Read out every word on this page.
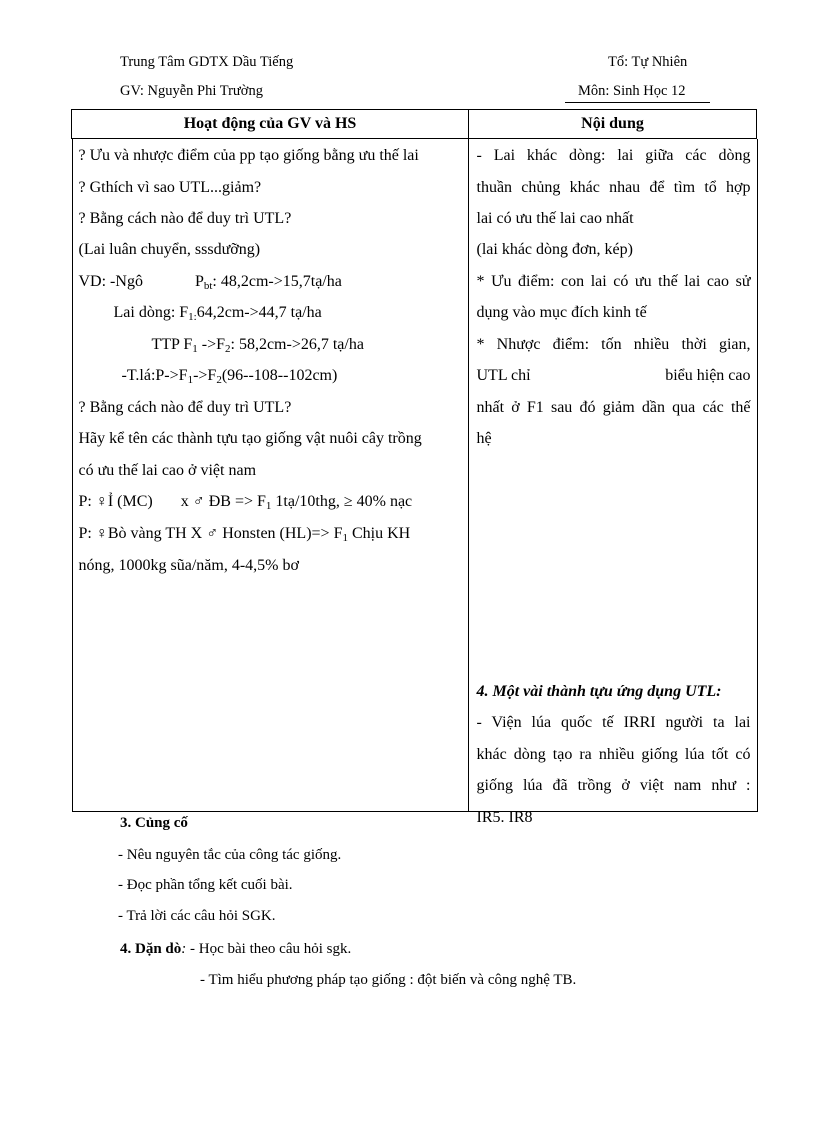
Trung Tâm GDTX Dầu Tiếng	Tổ: Tự Nhiên
GV: Nguyễn Phi Trường	Môn: Sinh Học 12
Hoạt động của GV và HS	Nội dung

? Ưu và nhược điểm của pp tạo giống bằng ưu thế lai
? Gthích vì sao UTL...giảm?
? Bằng cách nào để duy trì UTL?
(Lai luân chuyển, sssdưỡng)
VD: -Ngô	$P_{bt}$: 48,2cm->15,7tạ/ha
Lai dòng: $F_{1:}64,2cm->44,7$ tạ/ha
TTP $F_1$ $->F_2$: 58,2cm->26,7 tạ/ha
$-T.lá:P->F_1->F_2(96--108--102cm)$
? Bằng cách nào để duy trì UTL?
Hãy kể tên các thành tựu tạo giống vật nuôi cây trồng
có ưu thế lai cao ở việt nam
P: ♀Ỉ (MC) x ♂ ĐB => $F_1$ 1tạ/10thg, ≥ 40% nạc
P: ♀Bò vàng TH X ♂ Honsten $(HL)=> F_1$ Chịu KH
nóng, 1000kg sũa/năm, 4-4,5% bơ
- Lai khác dòng: lai giữa các dòng
thuần chủng khác nhau để tìm tổ hợp
lai có ưu thế lai cao nhất
(lai khác dòng đơn, kép)
* Ưu điểm: con lai có ưu thế lai cao sử
dụng vào mục đích kinh tế
* Nhược điểm: tốn nhiều thời gian,
UTL chỉ	biểu hiện cao
nhất ở F1 sau đó giảm dần qua các thế
hệ
4. Một vài thành tựu ứng dụng UTL:
- Viện lúa quốc tế IRRI người ta lai
khác dòng tạo ra nhiều giống lúa tốt có
giống lúa đã trồng ở việt nam như :
IR5. IR8
3. Củng cố
- Nêu nguyên tắc của công tác giống.
- Đọc phần tổng kết cuối bài.
- Trả lời các câu hỏi SGK.
4. Dặn dò: - Học bài theo câu hỏi sgk.
- Tìm hiểu phương pháp tạo giống : đột biến và công nghệ TB.
